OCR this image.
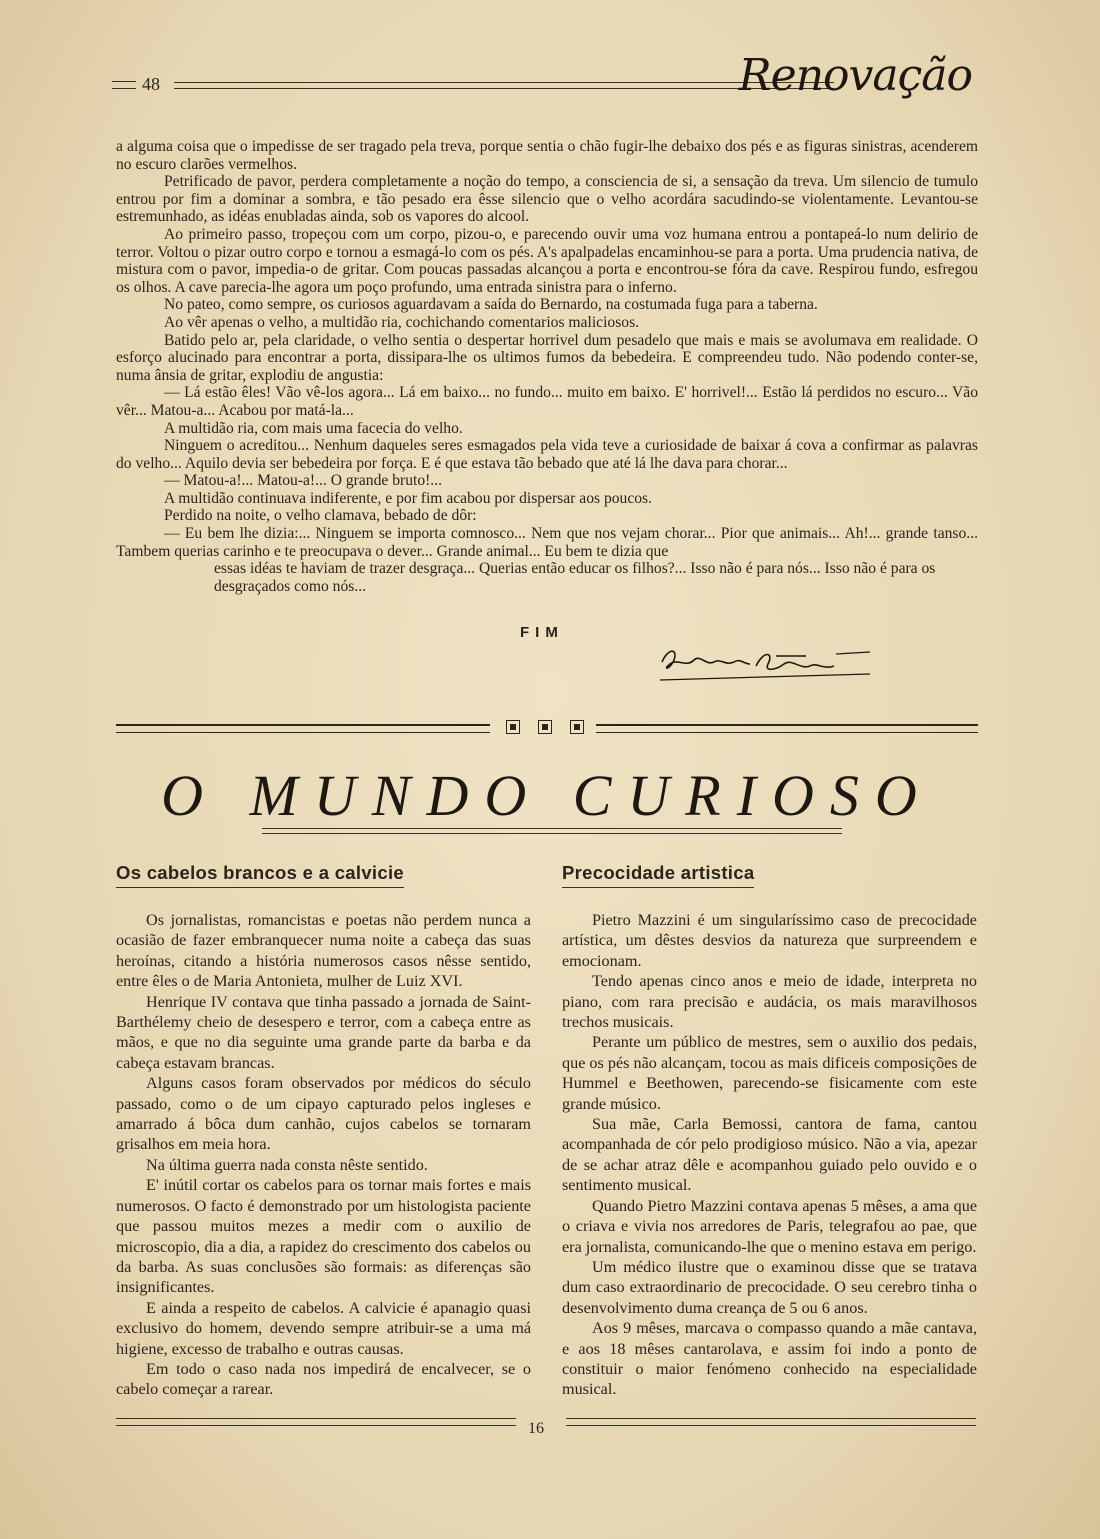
48	Renovação

a alguma coisa que o impedisse de ser tragado pela treva, porque sentia o chão fugir-lhe debaixo dos pés e as figuras sinistras, acenderem no escuro clarões vermelhos.

Petrificado de pavor, perdera completamente a noção do tempo, a consciencia de si, a sensação da treva. Um silencio de tumulo entrou por fim a dominar a sombra, e tão pesado era êsse silencio que o velho acordára sacudindo-se violentamente. Levantou-se estremunhado, as idéas enubladas ainda, sob os vapores do alcool.

Ao primeiro passo, tropeçou com um corpo, pizou-o, e parecendo ouvir uma voz humana entrou a pontapeá-lo num delirio de terror. Voltou o pizar outro corpo e tornou a esmagá-lo com os pés. A's apalpadelas encaminhou-se para a porta. Uma prudencia nativa, de mistura com o pavor, impedia-o de gritar. Com poucas passadas alcançou a porta e encontrou-se fóra da cave. Respirou fundo, esfregou os olhos. A cave parecia-lhe agora um poço profundo, uma entrada sinistra para o inferno.

No pateo, como sempre, os curiosos aguardavam a saída do Bernardo, na costumada fuga para a taberna.

Ao vêr apenas o velho, a multidão ria, cochichando comentarios maliciosos.

Batido pelo ar, pela claridade, o velho sentia o despertar horrivel dum pesadelo que mais e mais se avolumava em realidade. O esforço alucinado para encontrar a porta, dissipara-lhe os ultimos fumos da bebedeira. E compreendeu tudo. Não podendo conter-se, numa ânsia de gritar, explodiu de angustia:

— Lá estão êles! Vão vê-los agora... Lá em baixo... no fundo... muito em baixo. E' horrivel!... Estão lá perdidos no escuro... Vão vêr... Matou-a... Acabou por matá-la...

A multidão ria, com mais uma facecia do velho.

Ninguem o acreditou... Nenhum daqueles seres esmagados pela vida teve a curiosidade de baixar á cova a confirmar as palavras do velho... Aquilo devia ser bebedeira por força. E é que estava tão bebado que até lá lhe dava para chorar...

— Matou-a!... Matou-a!... O grande bruto!...

A multidão continuava indiferente, e por fim acabou por dispersar aos poucos.

Perdido na noite, o velho clamava, bebado de dôr:

— Eu bem lhe dizia:... Ninguem se importa comnosco... Nem que nos vejam chorar... Pior que animais... Ah!... grande tanso... Tambem querias carinho e te preocupava o dever... Grande animal... Eu bem te dizia que

essas idéas te haviam de trazer desgraça... Querias então educar os filhos?... Isso não é para nós... Isso não é para os desgraçados como nós...

FIM
O MUNDO CURIOSO
Os cabelos brancos e a calvicie

Os jornalistas, romancistas e poetas não perdem nunca a ocasião de fazer embranquecer numa noite a cabeça das suas heroínas, citando a história numerosos casos nêsse sentido, entre êles o de Maria Antonieta, mulher de Luiz XVI.

Henrique IV contava que tinha passado a jornada de Saint-Barthélemy cheio de desespero e terror, com a cabeça entre as mãos, e que no dia seguinte uma grande parte da barba e da cabeça estavam brancas.

Alguns casos foram observados por médicos do século passado, como o de um cipayo capturado pelos ingleses e amarrado á bôca dum canhão, cujos cabelos se tornaram grisalhos em meia hora.

Na última guerra nada consta nêste sentido.

E' inútil cortar os cabelos para os tornar mais fortes e mais numerosos. O facto é demonstrado por um histologista paciente que passou muitos mezes a medir com o auxilio de microscopio, dia a dia, a rapidez do crescimento dos cabelos ou da barba. As suas conclusões são formais: as diferenças são insignificantes.

E ainda a respeito de cabelos. A calvicie é apanagio quasi exclusivo do homem, devendo sempre atribuir-se a uma má higiene, excesso de trabalho e outras causas.

Em todo o caso nada nos impedirá de encalvecer, se o cabelo começar a rarear.

Precocidade artistica

Pietro Mazzini é um singularíssimo caso de precocidade artística, um dêstes desvios da natureza que surpreendem e emocionam.

Tendo apenas cinco anos e meio de idade, interpreta no piano, com rara precisão e audácia, os mais maravilhosos trechos musicais.

Perante um público de mestres, sem o auxilio dos pedais, que os pés não alcançam, tocou as mais dificeis composições de Hummel e Beethowen, parecendo-se fisicamente com este grande músico.

Sua mãe, Carla Bemossi, cantora de fama, cantou acompanhada de cór pelo prodigioso músico. Não a via, apezar de se achar atraz dêle e acompanhou guiado pelo ouvido e o sentimento musical.

Quando Pietro Mazzini contava apenas 5 mêses, a ama que o criava e vivia nos arredores de Paris, telegrafou ao pae, que era jornalista, comunicando-lhe que o menino estava em perigo.

Um médico ilustre que o examinou disse que se tratava dum caso extraordinario de precocidade. O seu cerebro tinha o desenvolvimento duma creança de 5 ou 6 anos.

Aos 9 mêses, marcava o compasso quando a mãe cantava, e aos 18 mêses cantarolava, e assim foi indo a ponto de constituir o maior fenómeno conhecido na especialidade musical.

16
